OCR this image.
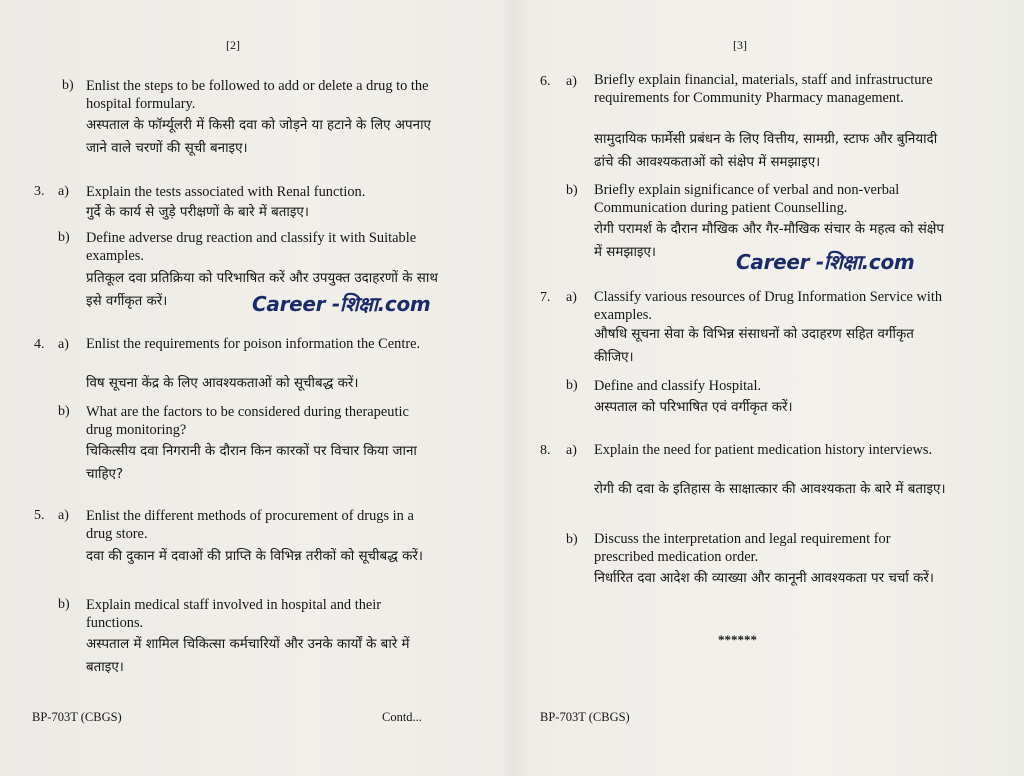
[2]
b) Enlist the steps to be followed to add or delete a drug to the hospital formulary.
अस्पताल के फॉर्म्यूलरी में किसी दवा को जोड़ने या हटाने के लिए अपनाए जाने वाले चरणों की सूची बनाइए।
3. a) Explain the tests associated with Renal function.
गुर्दे के कार्य से जुड़े परीक्षणों के बारे में बताइए।
b) Define adverse drug reaction and classify it with Suitable examples.
प्रतिकूल दवा प्रतिक्रिया को परिभाषित करें और उपयुक्त उदाहरणों के साथ इसे वर्गीकृत करें।	Career -शिक्षा.com
4. a) Enlist the requirements for poison information the Centre.
विष सूचना केंद्र के लिए आवश्यकताओं को सूचीबद्ध करें।
b) What are the factors to be considered during therapeutic drug monitoring?
चिकित्सीय दवा निगरानी के दौरान किन कारकों पर विचार किया जाना चाहिए?
5. a) Enlist the different methods of procurement of drugs in a drug store.
दवा की दुकान में दवाओं की प्राप्ति के विभिन्न तरीकों को सूचीबद्ध करें।
b) Explain medical staff involved in hospital and their functions.
अस्पताल में शामिल चिकित्सा कर्मचारियों और उनके कार्यों के बारे में बताइए।
BP-703T (CBGS)	Contd...
[3]
6. a) Briefly explain financial, materials, staff and infrastructure requirements for Community Pharmacy management.
सामुदायिक फार्मेसी प्रबंधन के लिए वित्तीय, सामग्री, स्टाफ और बुनियादी ढांचे की आवश्यकताओं को संक्षेप में समझाइए।
b) Briefly explain significance of verbal and non-verbal Communication during patient Counselling.
रोगी परामर्श के दौरान मौखिक और गैर-मौखिक संचार के महत्व को संक्षेप में समझाइए।	Career -शिक्षा.com
7. a) Classify various resources of Drug Information Service with examples.
औषधि सूचना सेवा के विभिन्न संसाधनों को उदाहरण सहित वर्गीकृत कीजिए।
b) Define and classify Hospital.
अस्पताल को परिभाषित एवं वर्गीकृत करें।
8. a) Explain the need for patient medication history interviews.
रोगी की दवा के इतिहास के साक्षात्कार की आवश्यकता के बारे में बताइए।
b) Discuss the interpretation and legal requirement for prescribed medication order.
निर्धारित दवा आदेश की व्याख्या और कानूनी आवश्यकता पर चर्चा करें।
******
BP-703T (CBGS)
